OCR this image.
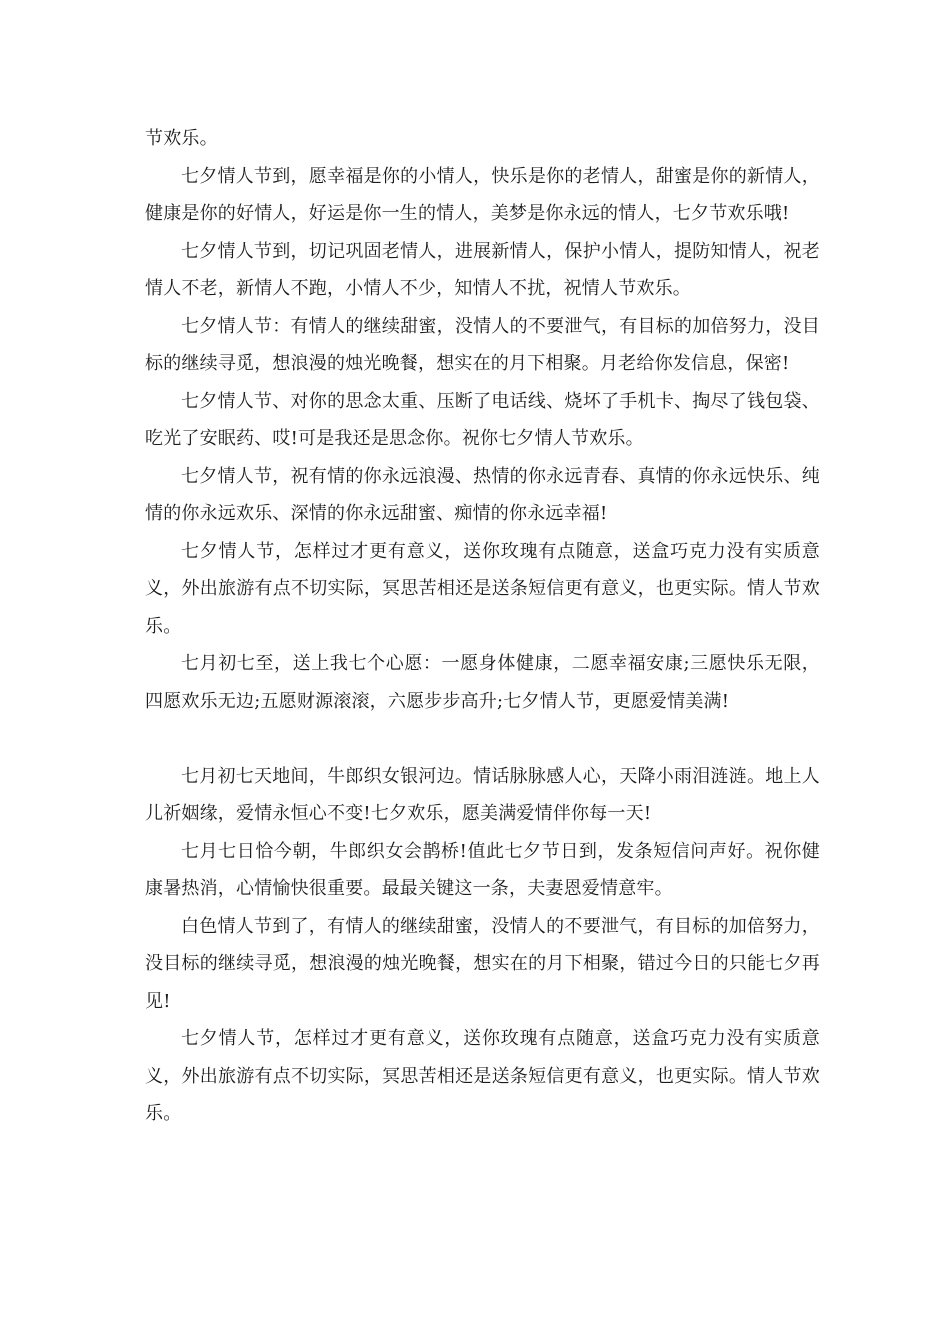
节欢乐。

七夕情人节到，愿幸福是你的小情人，快乐是你的老情人，甜蜜是你的新情人，健康是你的好情人，好运是你一生的情人，美梦是你永远的情人，七夕节欢乐哦!

七夕情人节到，切记巩固老情人，进展新情人，保护小情人，提防知情人，祝老情人不老，新情人不跑，小情人不少，知情人不扰，祝情人节欢乐。

七夕情人节：有情人的继续甜蜜，没情人的不要泄气，有目标的加倍努力，没目标的继续寻觅，想浪漫的烛光晚餐，想实在的月下相聚。月老给你发信息，保密!

七夕情人节、对你的思念太重、压断了电话线、烧坏了手机卡、掏尽了钱包袋、吃光了安眠药、哎!可是我还是思念你。祝你七夕情人节欢乐。

七夕情人节，祝有情的你永远浪漫、热情的你永远青春、真情的你永远快乐、纯情的你永远欢乐、深情的你永远甜蜜、痴情的你永远幸福!

七夕情人节，怎样过才更有意义，送你玫瑰有点随意，送盒巧克力没有实质意义，外出旅游有点不切实际，冥思苦相还是送条短信更有意义，也更实际。情人节欢乐。

七月初七至，送上我七个心愿：一愿身体健康，二愿幸福安康;三愿快乐无限，四愿欢乐无边;五愿财源滚滚，六愿步步高升;七夕情人节，更愿爱情美满!

七月初七天地间，牛郎织女银河边。情话脉脉感人心，天降小雨泪涟涟。地上人儿祈姻缘，爱情永恒心不变!七夕欢乐，愿美满爱情伴你每一天!

七月七日恰今朝，牛郎织女会鹊桥!值此七夕节日到，发条短信问声好。祝你健康暑热消，心情愉快很重要。最最关键这一条，夫妻恩爱情意牢。

白色情人节到了，有情人的继续甜蜜，没情人的不要泄气，有目标的加倍努力，没目标的继续寻觅，想浪漫的烛光晚餐，想实在的月下相聚，错过今日的只能七夕再见!

七夕情人节，怎样过才更有意义，送你玫瑰有点随意，送盒巧克力没有实质意义，外出旅游有点不切实际，冥思苦相还是送条短信更有意义，也更实际。情人节欢乐。
